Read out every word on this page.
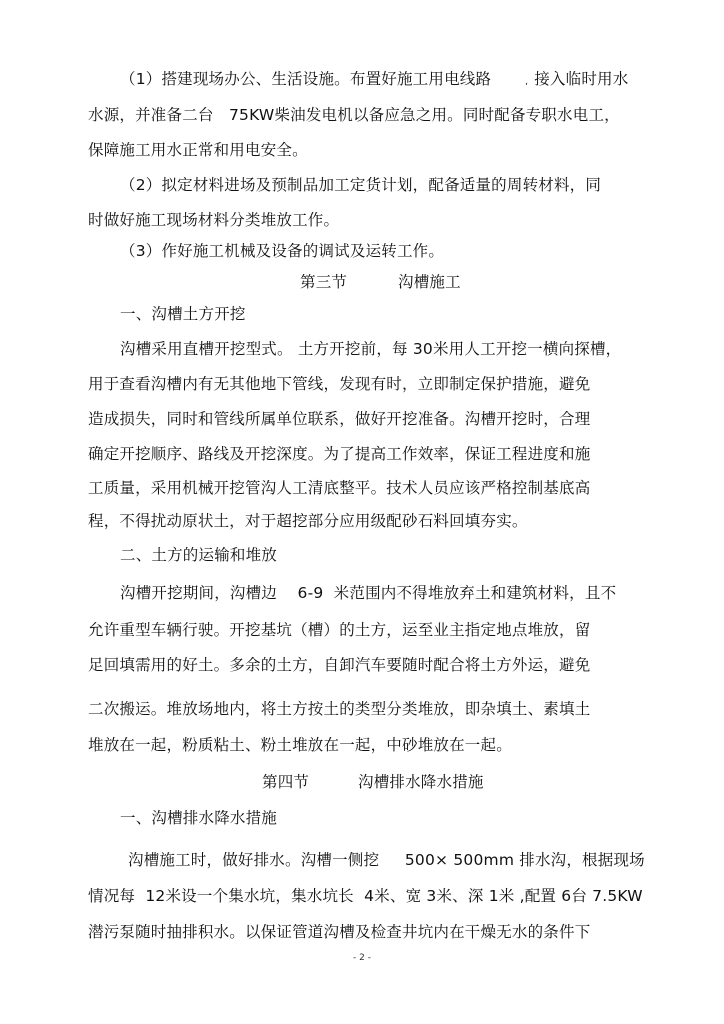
（1）搭建现场办公、生活设施。布置好施工用电线路	, 接入临时用水
水源，并准备二台   75KW柴油发电机以备应急之用。同时配备专职水电工，
保障施工用水正常和用电安全。
（2）拟定材料进场及预制品加工定货计划，配备适量的周转材料，同
时做好施工现场材料分类堆放工作。
（3）作好施工机械及设备的调试及运转工作。
第三节	沟槽施工
一、沟槽土方开挖
沟槽采用直槽开挖型式。 土方开挖前，每 30米用人工开挖一横向探槽，
用于查看沟槽内有无其他地下管线，发现有时，立即制定保护措施，避免
造成损失，同时和管线所属单位联系，做好开挖准备。沟槽开挖时，合理
确定开挖顺序、路线及开挖深度。为了提高工作效率，保证工程进度和施
工质量，采用机械开挖管沟人工清底整平。技术人员应该严格控制基底高
程，不得扰动原状土，对于超挖部分应用级配砂石料回填夯实。
二、土方的运输和堆放
沟槽开挖期间，沟槽边    6-9  米范围内不得堆放弃土和建筑材料，且不
允许重型车辆行驶。开挖基坑（槽）的土方，运至业主指定地点堆放，留
足回填需用的好土。多余的土方，自卸汽车要随时配合将土方外运，避免
二次搬运。堆放场地内，将土方按土的类型分类堆放，即杂填土、素填土
堆放在一起，粉质粘土、粉土堆放在一起，中砂堆放在一起。
第四节	沟槽排水降水措施
一、沟槽排水降水措施
沟槽施工时，做好排水。沟槽一侧挖     500× 500mm 排水沟，根据现场
情况每  12米设一个集水坑，集水坑长  4米、宽 3米、深 1米 ,配置 6台 7.5KW
潜污泵随时抽排积水。以保证管道沟槽及检查井坑内在干燥无水的条件下
- 2 -
